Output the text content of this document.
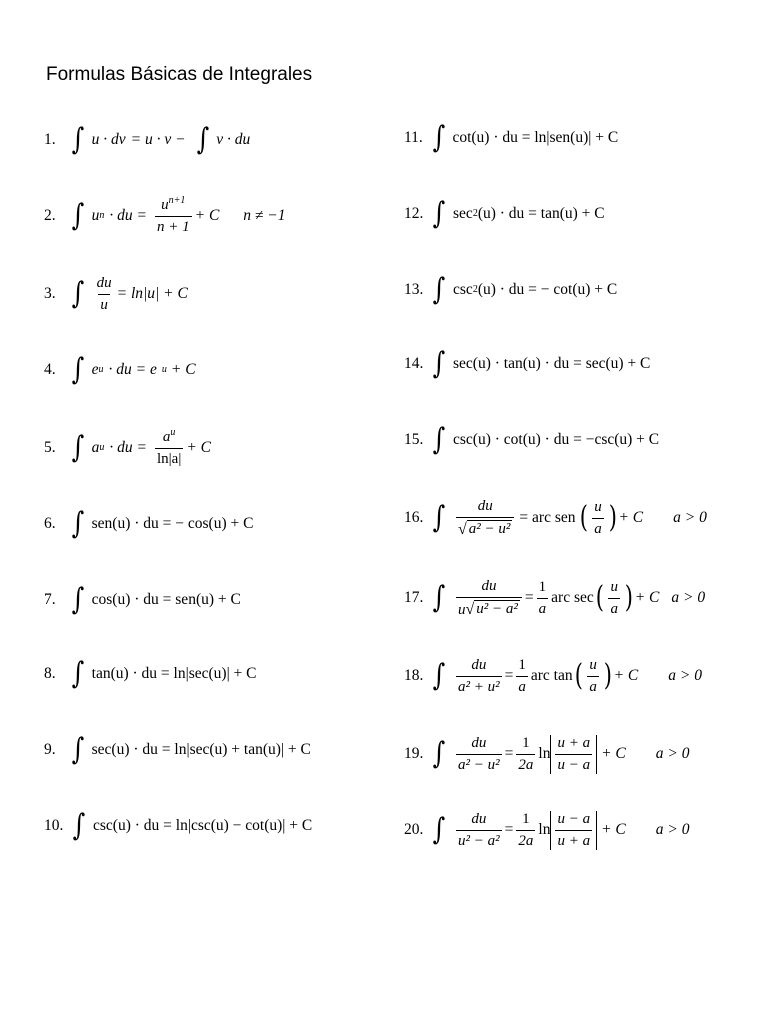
Formulas Básicas de Integrales
1. ∫ u · dv = u · v − ∫ v · du
2. ∫ u n · du = $\frac{u^{n+1}}{n + 1} + C$ n ≠ −1
3. ∫ $\frac{du}{u} = \ln|u| + C$
4. ∫ e u · du = e u + C
5. ∫ a u · du = $\frac{a^u}{\ln|a|} + C$
6. ∫ sen(u) · du = − cos(u) + C
7. ∫ cos(u) · du = sen(u) + C
8. ∫ tan(u) · du = ln|sec(u)| + C
9. ∫ sec(u) · du = ln|sec(u) + tan(u)| + C
10. ∫ csc(u) · du = ln|csc(u) − cot(u)| + C
11. ∫ cot(u) · du = ln|sen(u)| + C
12. ∫ sec 2 (u) · du = tan(u) + C
13. ∫ csc 2 (u) · du = − cot(u) + C
14. ∫ sec(u) · tan(u) · du = sec(u) + C
15. ∫ csc(u) · cot(u) · du = −csc(u) + C
16. ∫ $\frac{du}{\text{√ a² − u²}}$ = arc sen ( $\frac{u}{a}$ ) + C a > 0
17. ∫ $\frac{du}{\text{u √ u² − a²}} = \frac{1}{a}$ arc sec ( $\frac{u}{a}$ ) + C a > 0
18. ∫ $\frac{du}{\text{a² + u²}} = \frac{1}{a}$ arc tan ( $\frac{u}{a}$ ) + C a > 0
19. ∫ $\frac{du}{\text{a² − u²}} = \frac{1}{2a}$ $\ln \frac{u + a}{u - a} + C$ a > 0
20. ∫ $\frac{du}{\text{u² − a²}} = \frac{1}{2a}$ $\ln \frac{u - a}{u + a} + C$ a > 0
